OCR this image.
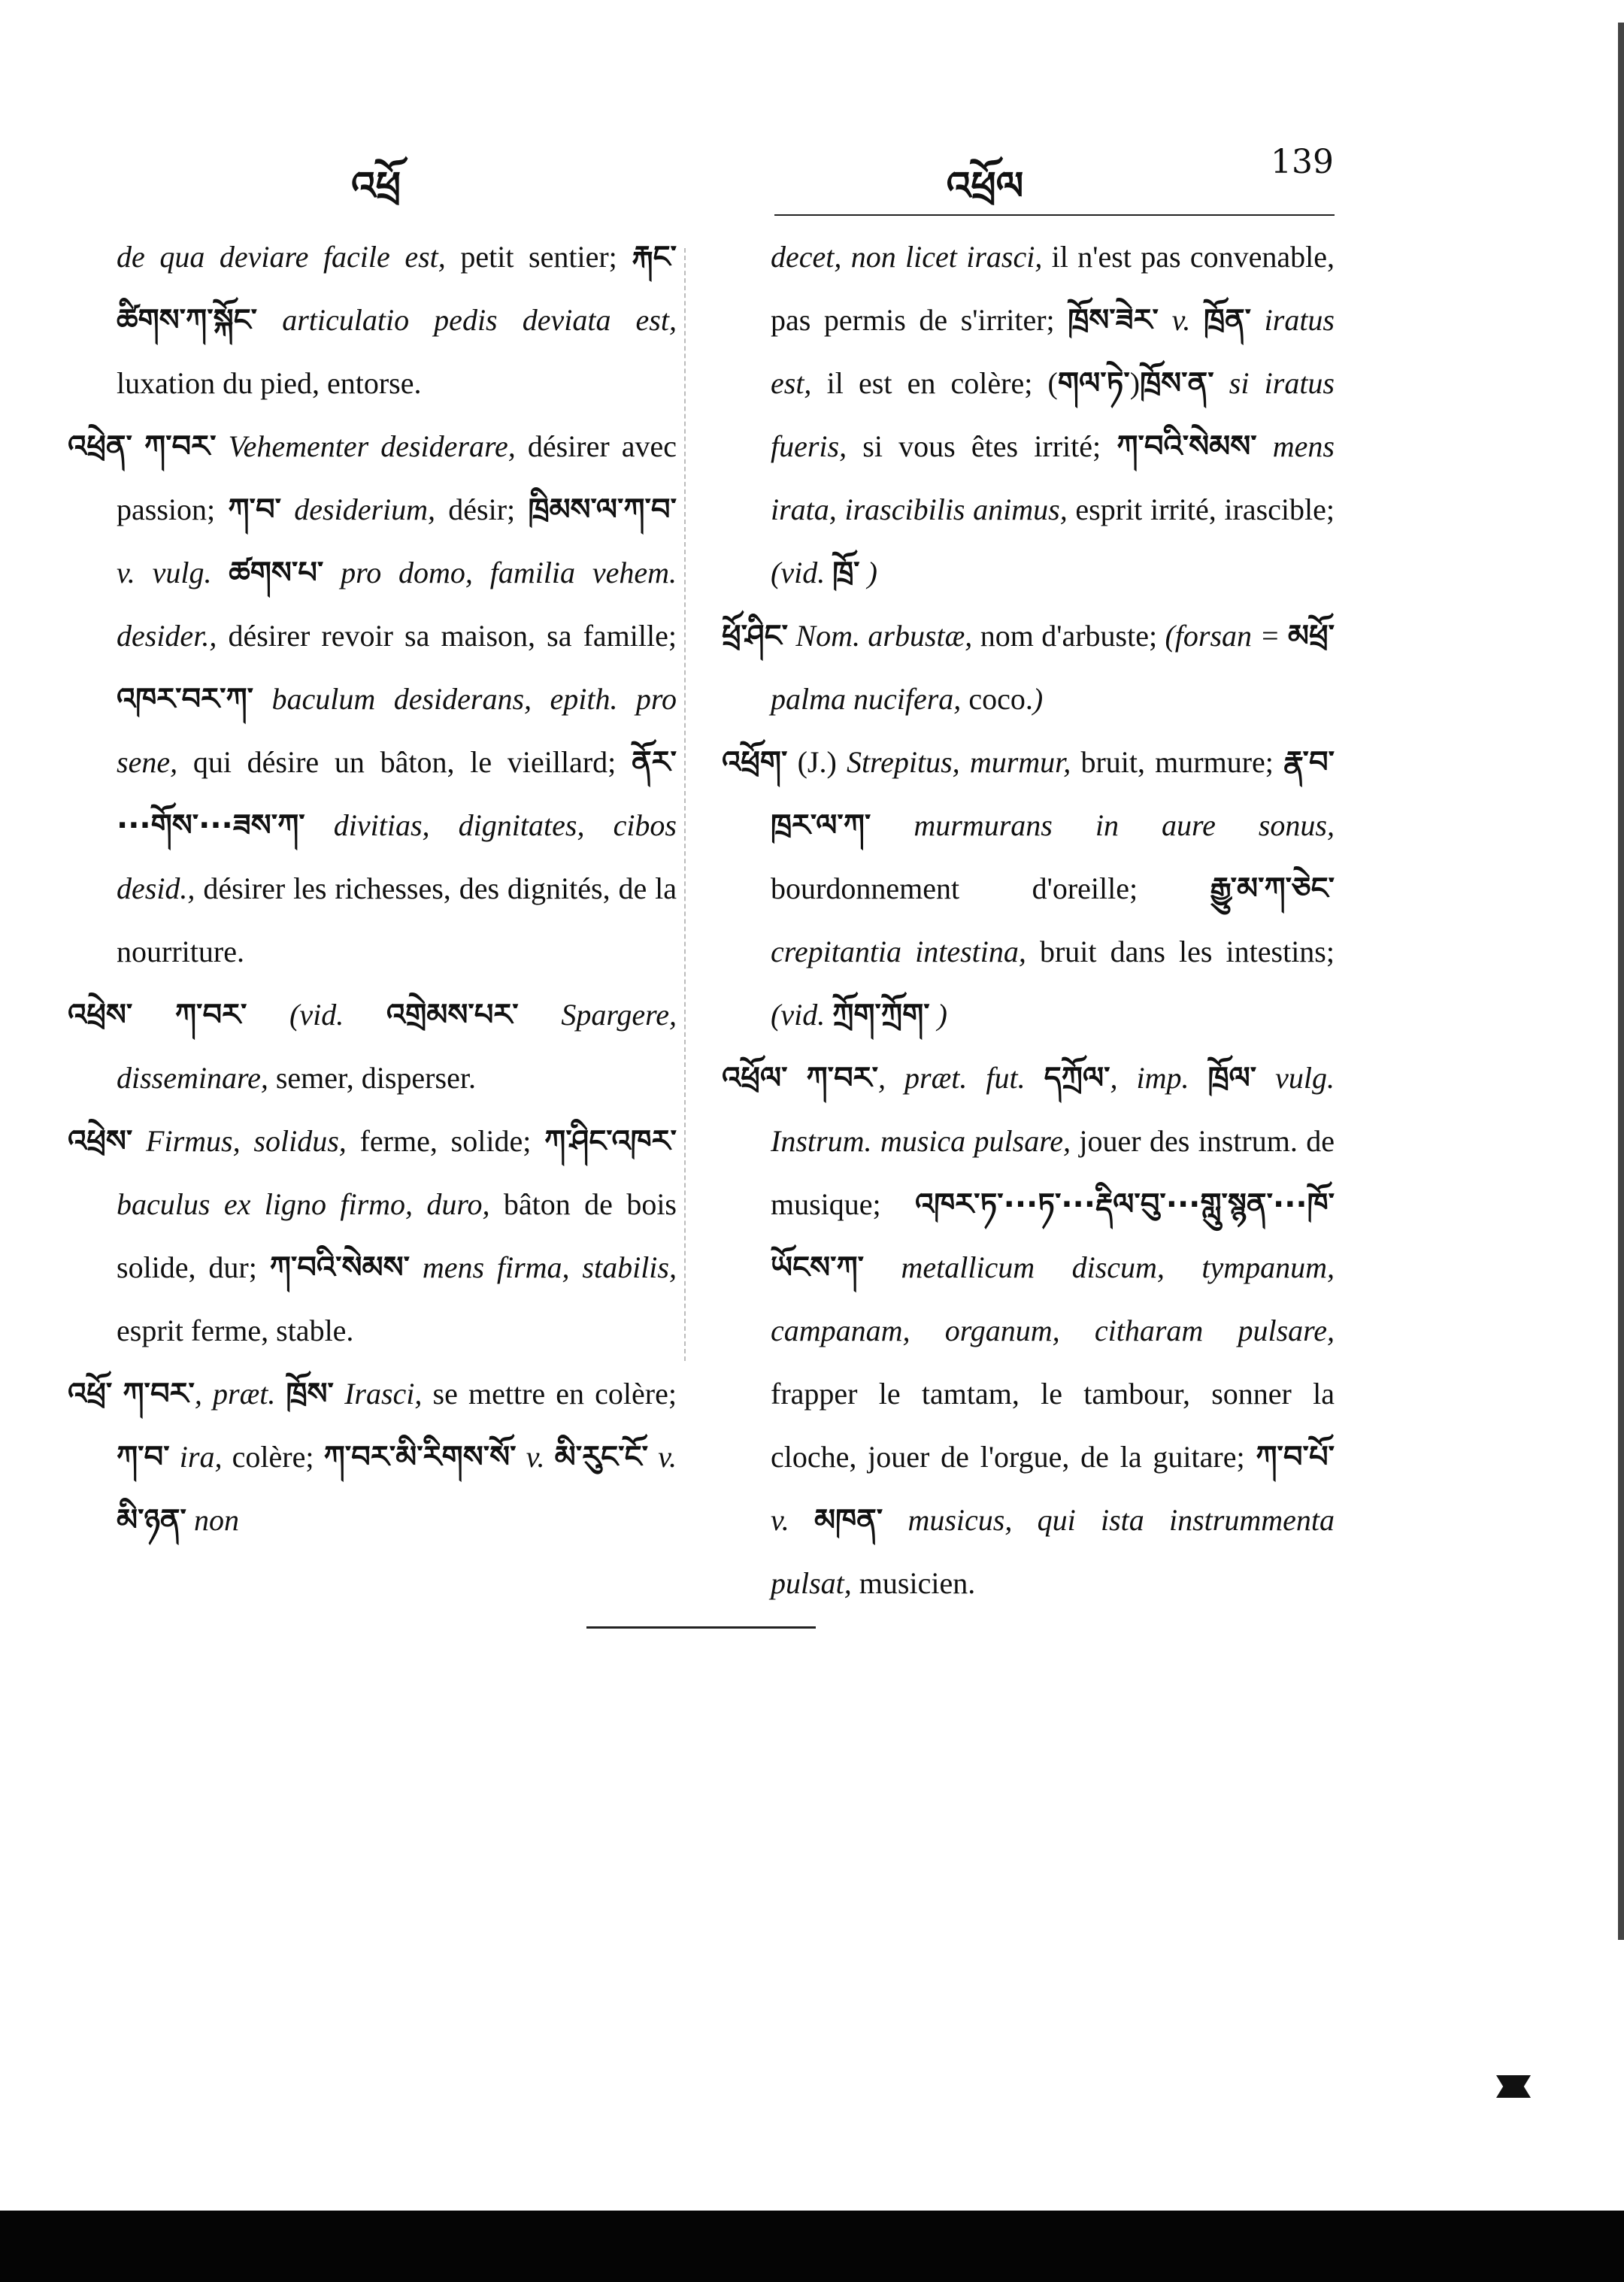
འཕྲོ	འཕྲོལ
139

de qua deviare facile est, petit sentier; རྐང་ཚིགས་ཀ་སྐོང་ articulatio pedis deviata est, luxation du pied, entorse.

འཕྲེན་ ཀ་བར་ Vehementer desiderare, désirer avec passion; ཀ་བ་ desiderium, désir; ཁྲིམས་ལ་ཀ་བ་ v. vulg. ཚགས་པ་ pro domo, familia vehem. desider., désirer revoir sa maison, sa famille; འཁར་བར་ཀ་ baculum desiderans, epith. pro sene, qui désire un bâton, le vieillard; ནོར་···གོས་···ཟས་ཀ་ divitias, dignitates, cibos desid., désirer les richesses, des dignités, de la nourriture.

འཕྲེས་ ཀ་བར་ (vid. འགྲེམས་པར་ Spargere, disseminare, semer, disperser.

འཕྲེས་ Firmus, solidus, ferme, solide; ཀ་ཤིང་འཁར་ baculus ex ligno firmo, duro, bâton de bois solide, dur; ཀ་བའི་སེམས་ mens firma, stabilis, esprit ferme, stable.

འཕྲོ་ ཀ་བར་, præt. ཁྲོས་ Irasci, se mettre en colère; ཀ་བ་ ira, colère; ཀ་བར་མི་རིགས་སོ་ v. མི་རུང་ངོ་ v. མི་ཉན་ non

decet, non licet irasci, il n'est pas convenable, pas permis de s'irriter; ཁྲོས་ཟེར་ v. ཁྲོན་ iratus est, il est en colère; (གལ་ཏེ་)ཁྲོས་ན་ si iratus fueris, si vous êtes irrité; ཀ་བའི་སེམས་ mens irata, irascibilis animus, esprit irrité, irascible; (vid. ཁྲོ་ )

ཕྲོ་ཤིང་ Nom. arbustæ, nom d'arbuste; (forsan = མཕྲོ་ palma nucifera, coco.)

འཕྲོག་ (J.) Strepitus, murmur, bruit, murmure; རྣ་བ་ཁྲར་ལ་ཀ་ murmurans in aure sonus, bourdonnement d'oreille; རྒྱུ་མ་ཀ་ཅེང་ crepitantia intestina, bruit dans les intestins; (vid. ཀྲོག་ཀྲོག་ )

འཕྲོལ་ ཀ་བར་, præt. fut. དཀྲོལ་, imp. ཁྲོལ་ vulg. Instrum. musica pulsare, jouer des instrum. de musique; འཁར་ཏ་···ཏ་···རྡིལ་བུ་···གླུ་སྙན་···ཁོ་ཡོངས་ཀ་ metallicum discum, tympanum, campanam, organum, citharam pulsare, frapper le tamtam, le tambour, sonner la cloche, jouer de l'orgue, de la guitare; ཀ་བ་པོ་ v. མཁན་ musicus, qui ista instrummenta pulsat, musicien.
